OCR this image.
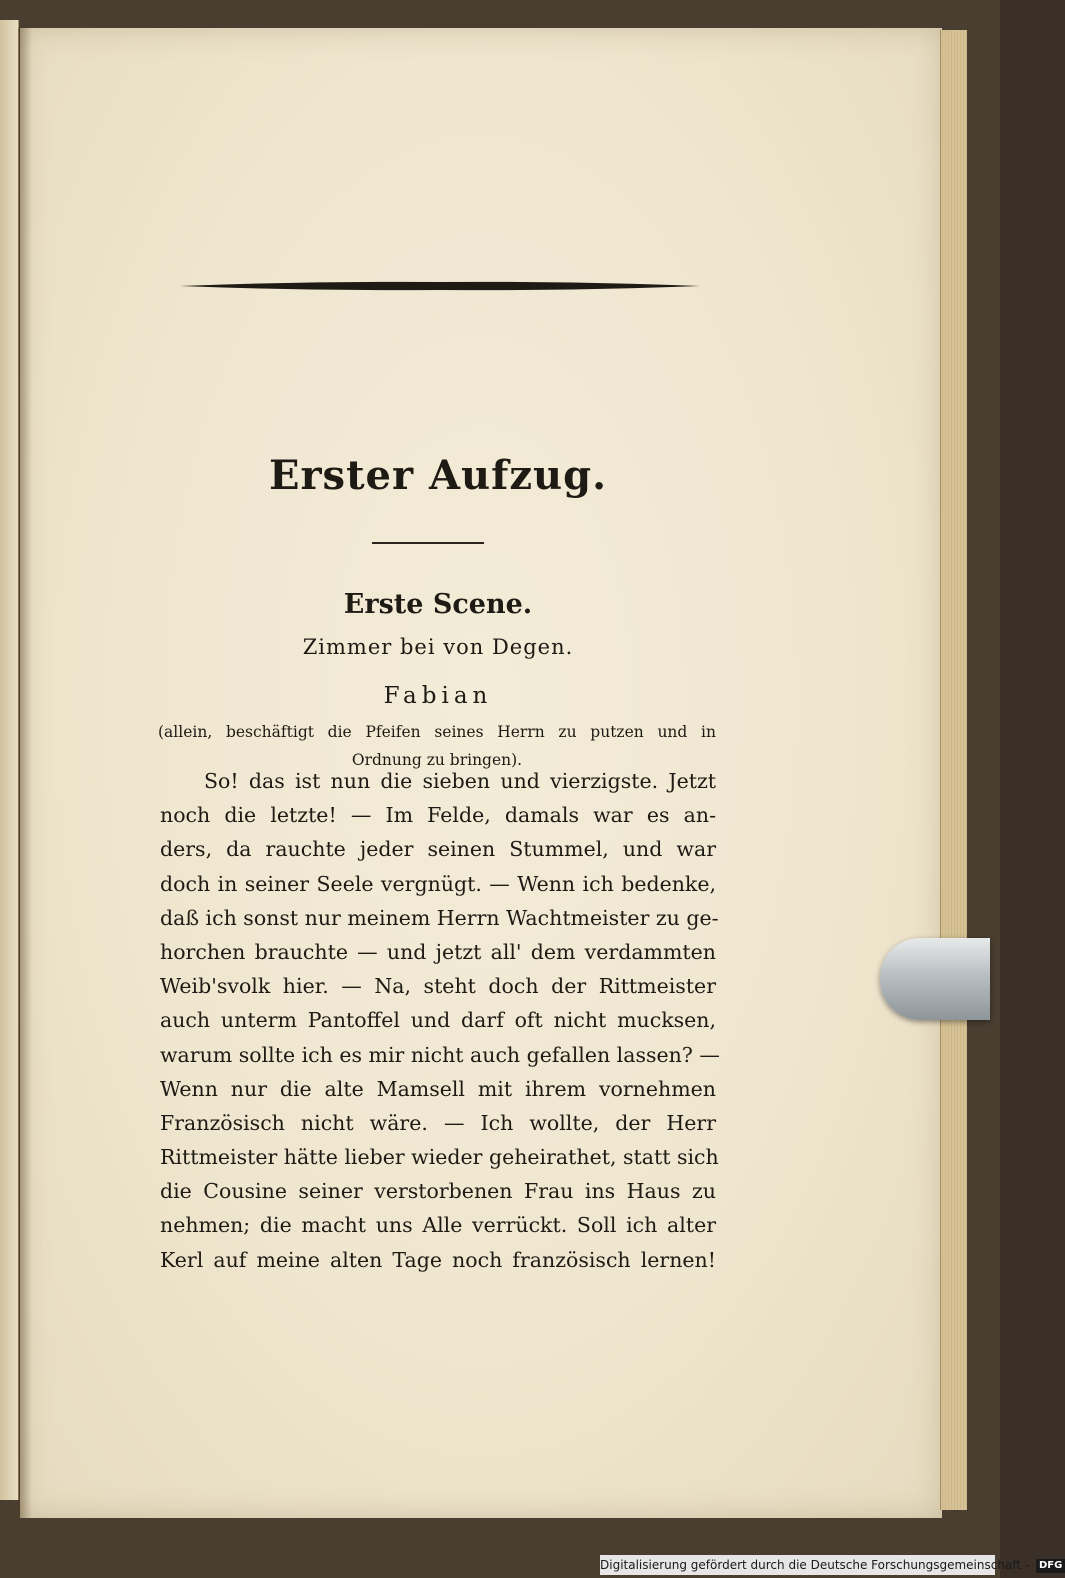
Erster Aufzug.
Erste Scene.
Zimmer bei von Degen.
Fabian
(allein, beschäftigt die Pfeifen seines Herrn zu putzen und in
Ordnung zu bringen).
So! das ist nun die sieben und vierzigste. Jetzt
noch die letzte! — Im Felde, damals war es an-
ders, da rauchte jeder seinen Stummel, und war
doch in seiner Seele vergnügt. — Wenn ich bedenke,
daß ich sonst nur meinem Herrn Wachtmeister zu ge-
horchen brauchte — und jetzt all' dem verdammten
Weib'svolk hier. — Na, steht doch der Rittmeister
auch unterm Pantoffel und darf oft nicht mucksen,
warum sollte ich es mir nicht auch gefallen lassen? —
Wenn nur die alte Mamsell mit ihrem vornehmen
Französisch nicht wäre. — Ich wollte, der Herr
Rittmeister hätte lieber wieder geheirathet, statt sich
die Cousine seiner verstorbenen Frau ins Haus zu
nehmen; die macht uns Alle verrückt. Soll ich alter
Kerl auf meine alten Tage noch französisch lernen!
Digitalisierung gefördert durch die Deutsche Forschungsgemeinschaft - DFG
